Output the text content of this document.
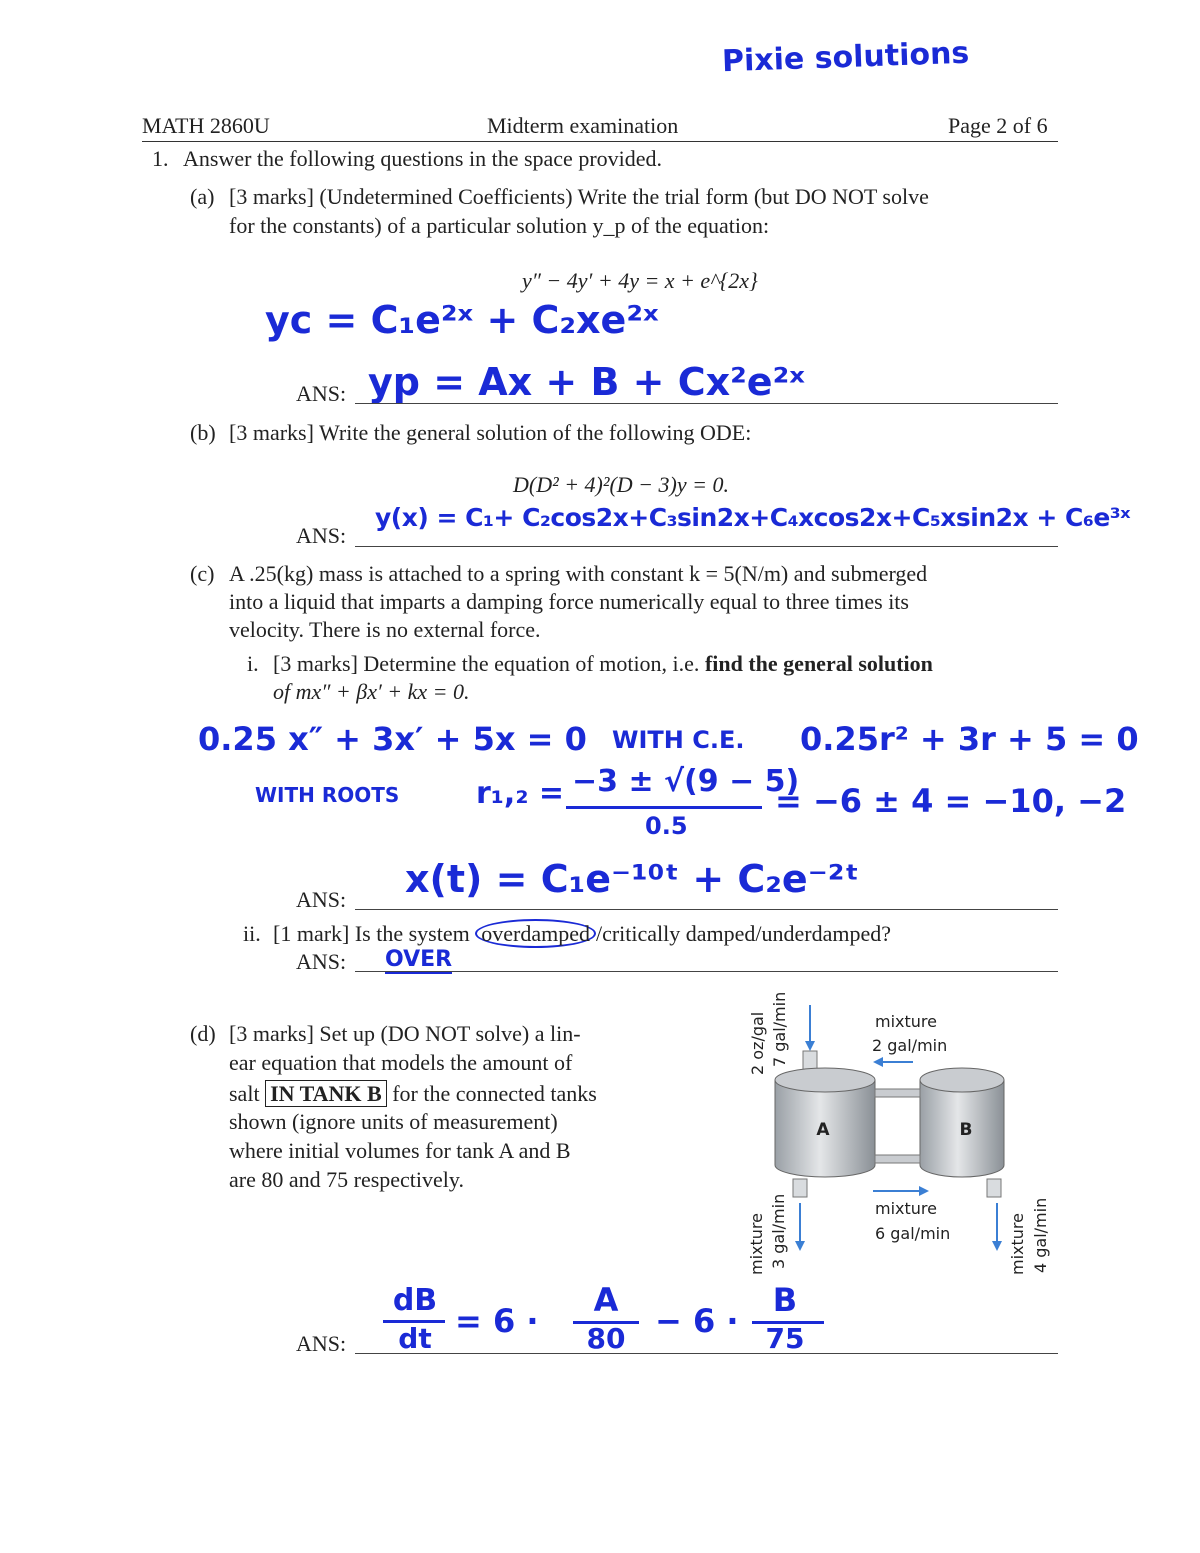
Pixie solutions
MATH 2860U	Midterm examination	Page 2 of 6
1. Answer the following questions in the space provided.
(a) [3 marks] (Undetermined Coefficients) Write the trial form (but DO NOT solve
for the constants) of a particular solution y_p of the equation:
y″ − 4y′ + 4y = x + e^{2x}
yc = C₁e²ˣ + C₂xe²ˣ
ANS: yp = Ax + B + Cx²e²ˣ
(b) [3 marks] Write the general solution of the following ODE:
D(D² + 4)²(D − 3)y = 0.
ANS:
y(x) = C₁+ C₂cos2x+C₃sin2x+C₄xcos2x+C₅xsin2x + C₆e³ˣ
(c) A .25(kg) mass is attached to a spring with constant k = 5(N/m) and submerged
into a liquid that imparts a damping force numerically equal to three times its
velocity. There is no external force.
i. [3 marks] Determine the equation of motion, i.e. find the general solution
of mx″ + βx′ + kx = 0.
0.25 x″ + 3x′ + 5x = 0 WITH C.E. 0.25r² + 3r + 5 = 0
WITH ROOTS	r₁,₂ = −3 ± √(9 − 5)
0.5
= −6 ± 4 = −10, −2
ANS: x(t) = C₁e⁻¹⁰ᵗ + C₂e⁻²ᵗ
ii. [1 mark] Is the system overdamped /critically damped/underdamped?
ANS: OVER
(d) [3 marks] Set up (DO NOT solve) a lin-
ear equation that models the amount of
salt IN TANK B for the connected tanks
shown (ignore units of measurement)
where initial volumes for tank A and B
are 80 and 75 respectively.
A	B
2 oz/gal 7 gal/min	mixture
2 gal/min
mixture
6 gal/min
mixture 3 gal/min	mixture 4 gal/min
ANS:
dB
dt = 6 ·
A
80 − 6 ·
B
75
